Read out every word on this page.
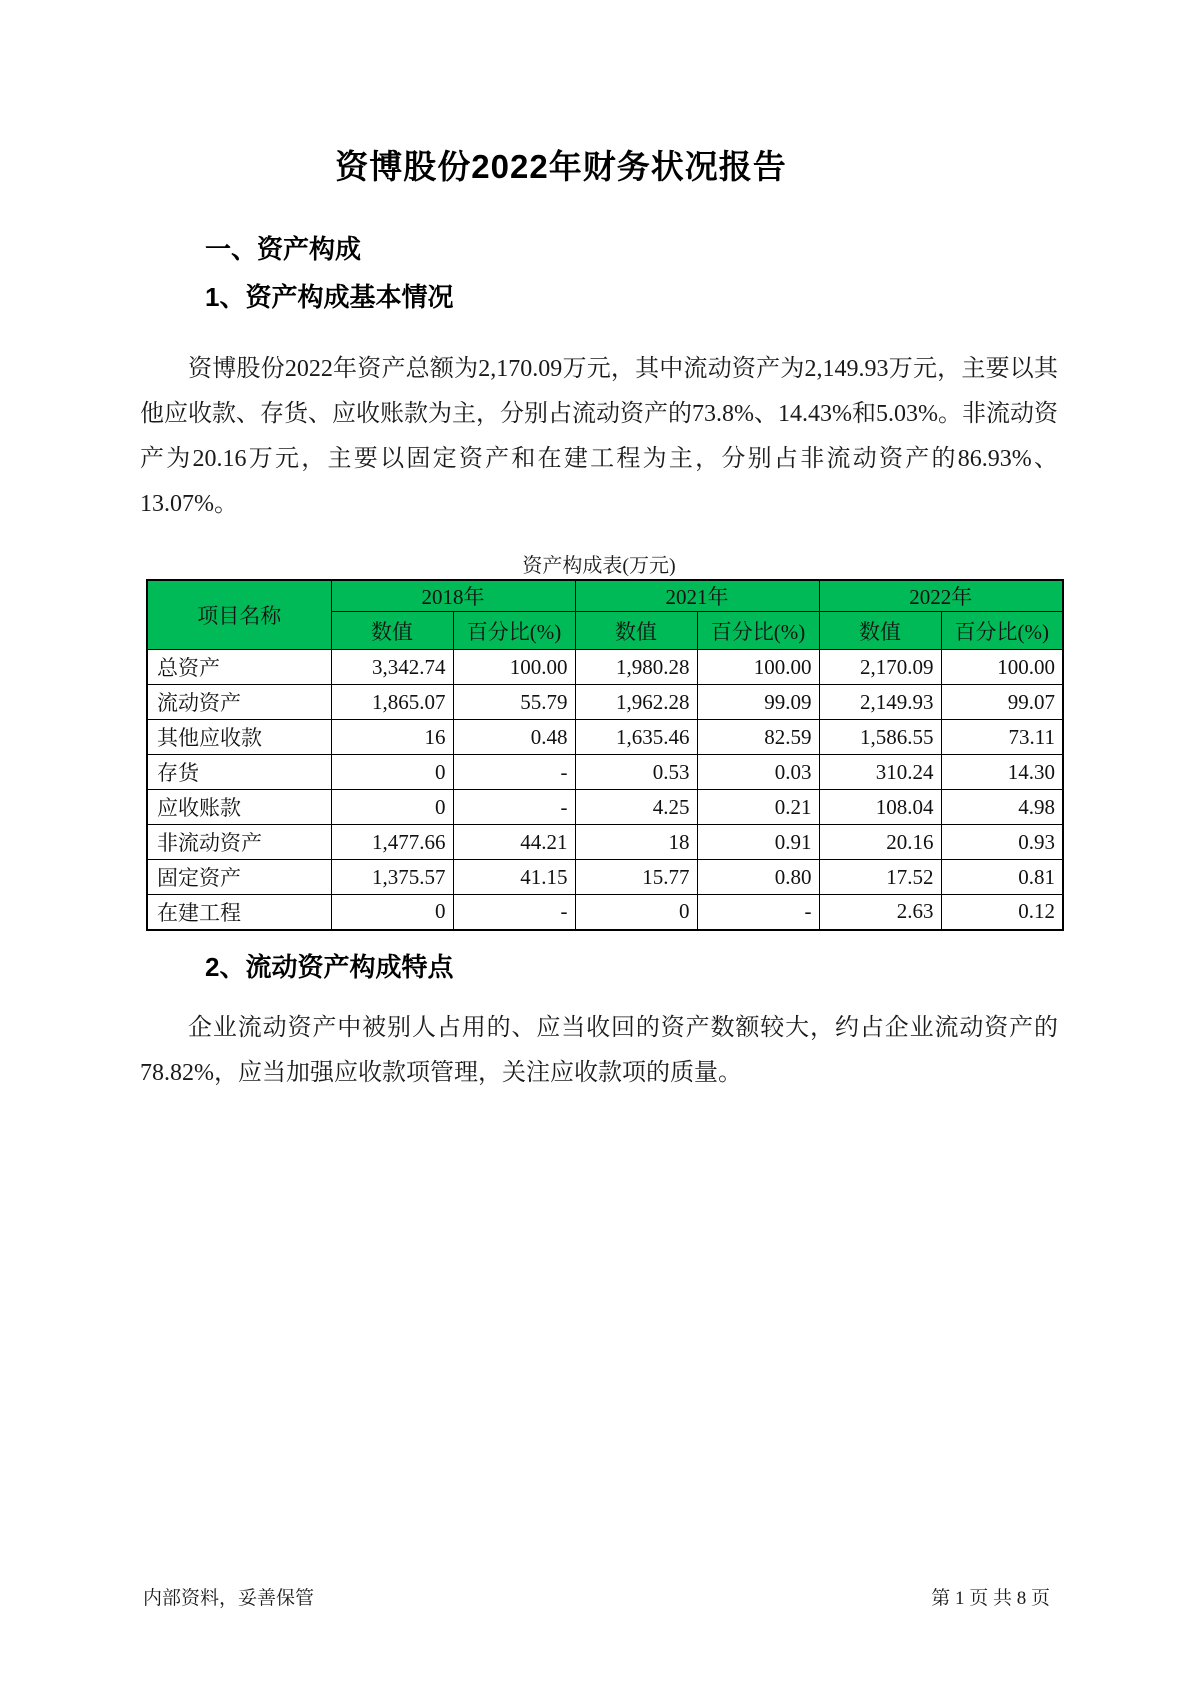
资博股份2022年财务状况报告
一、资产构成
1、资产构成基本情况

资博股份2022年资产总额为2,170.09万元，其中流动资产为2,149.93万元，主要以其他应收款、存货、应收账款为主，分别占流动资产的73.8%、14.43%和5.03%。非流动资产为20.16万元，主要以固定资产和在建工程为主，分别占非流动资产的86.93%、13.07%。

资产构成表(万元)
项目名称	2018年		2021年		2022年	
	数值	百分比(%)	数值	百分比(%)	数值	百分比(%)
总资产	3,342.74	100.00	1,980.28	100.00	2,170.09	100.00
流动资产	1,865.07	55.79	1,962.28	99.09	2,149.93	99.07
其他应收款	16	0.48	1,635.46	82.59	1,586.55	73.11
存货	0	-	0.53	0.03	310.24	14.30
应收账款	0	-	4.25	0.21	108.04	4.98
非流动资产	1,477.66	44.21	18	0.91	20.16	0.93
固定资产	1,375.57	41.15	15.77	0.80	17.52	0.81
在建工程	0	-	0	-	2.63	0.12
2、流动资产构成特点

企业流动资产中被别人占用的、应当收回的资产数额较大，约占企业流动资产的78.82%，应当加强应收款项管理，关注应收款项的质量。

内部资料，妥善保管	第 1 页 共 8 页
